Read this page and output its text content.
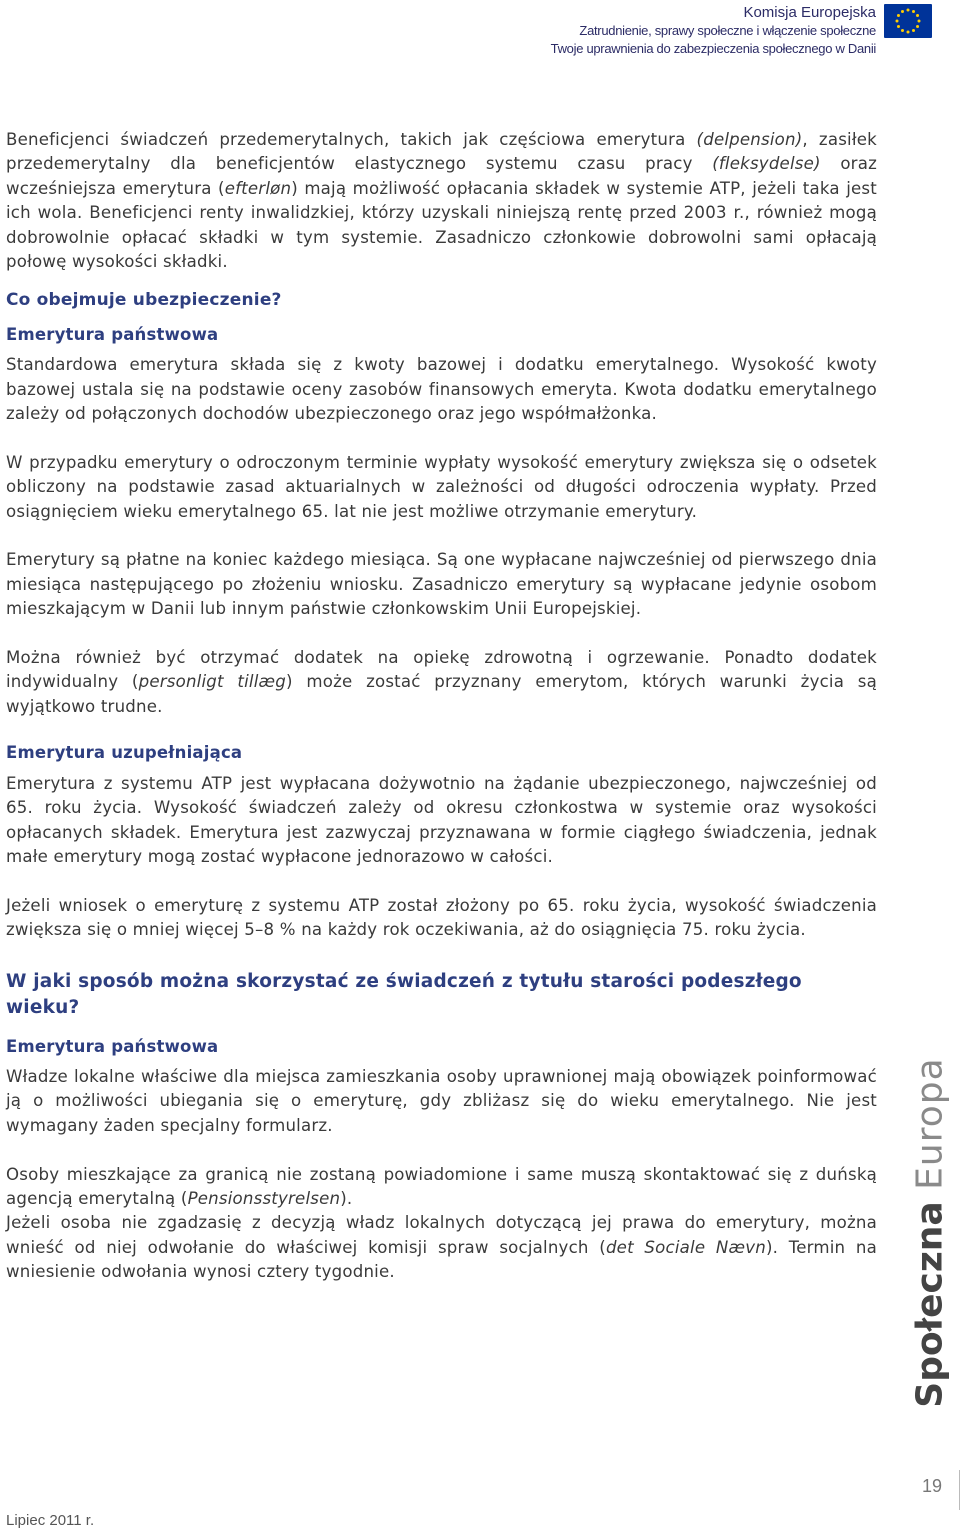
Komisja Europejska
Zatrudnienie, sprawy społeczne i włączenie społeczne
Twoje uprawnienia do zabezpieczenia społecznego w Danii

Beneficjenci świadczeń przedemerytalnych, takich jak częściowa emerytura (delpension), zasiłek przedemerytalny dla beneficjentów elastycznego systemu czasu pracy (fleksydelse) oraz wcześniejsza emerytura (efterløn) mają możliwość opłacania składek w systemie ATP, jeżeli taka jest ich wola. Beneficjenci renty inwalidzkiej, którzy uzyskali niniejszą rentę przed 2003 r., również mogą dobrowolnie opłacać składki w tym systemie. Zasadniczo członkowie dobrowolni sami opłacają połowę wysokości składki.

Co obejmuje ubezpieczenie?
Emerytura państwowa

Standardowa emerytura składa się z kwoty bazowej i dodatku emerytalnego. Wysokość kwoty bazowej ustala się na podstawie oceny zasobów finansowych emeryta. Kwota dodatku emerytalnego zależy od połączonych dochodów ubezpieczonego oraz jego współmałżonka.

W przypadku emerytury o odroczonym terminie wypłaty wysokość emerytury zwiększa się o odsetek obliczony na podstawie zasad aktuarialnych w zależności od długości odroczenia wypłaty. Przed osiągnięciem wieku emerytalnego 65. lat nie jest możliwe otrzymanie emerytury.

Emerytury są płatne na koniec każdego miesiąca. Są one wypłacane najwcześniej od pierwszego dnia miesiąca następującego po złożeniu wniosku. Zasadniczo emerytury są wypłacane jedynie osobom mieszkającym w Danii lub innym państwie członkowskim Unii Europejskiej.

Można również być otrzymać dodatek na opiekę zdrowotną i ogrzewanie. Ponadto dodatek indywidualny (personligt tillæg) może zostać przyznany emerytom, których warunki życia są wyjątkowo trudne.

Emerytura uzupełniająca

Emerytura z systemu ATP jest wypłacana dożywotnio na żądanie ubezpieczonego, najwcześniej od 65. roku życia. Wysokość świadczeń zależy od okresu członkostwa w systemie oraz wysokości opłacanych składek. Emerytura jest zazwyczaj przyznawana w formie ciągłego świadczenia, jednak małe emerytury mogą zostać wypłacone jednorazowo w całości.

Jeżeli wniosek o emeryturę z systemu ATP został złożony po 65. roku życia, wysokość świadczenia zwiększa się o mniej więcej 5–8 % na każdy rok oczekiwania, aż do osiągnięcia 75. roku życia.

W jaki sposób można skorzystać ze świadczeń z tytułu starości podeszłego wieku?
Emerytura państwowa

Władze lokalne właściwe dla miejsca zamieszkania osoby uprawnionej mają obowiązek poinformować ją o możliwości ubiegania się o emeryturę, gdy zbliżasz się do wieku emerytalnego. Nie jest wymagany żaden specjalny formularz.

Osoby mieszkające za granicą nie zostaną powiadomione i same muszą skontaktować się z duńską agencją emerytalną (Pensionsstyrelsen).

Jeżeli osoba nie zgadzasię z decyzją władz lokalnych dotyczącą jej prawa do emerytury, można wnieść od niej odwołanie do właściwej komisji spraw socjalnych (det Sociale Nævn). Termin na wniesienie odwołania wynosi cztery tygodnie.	Społeczna Europa
19
Lipiec 2011 r.
